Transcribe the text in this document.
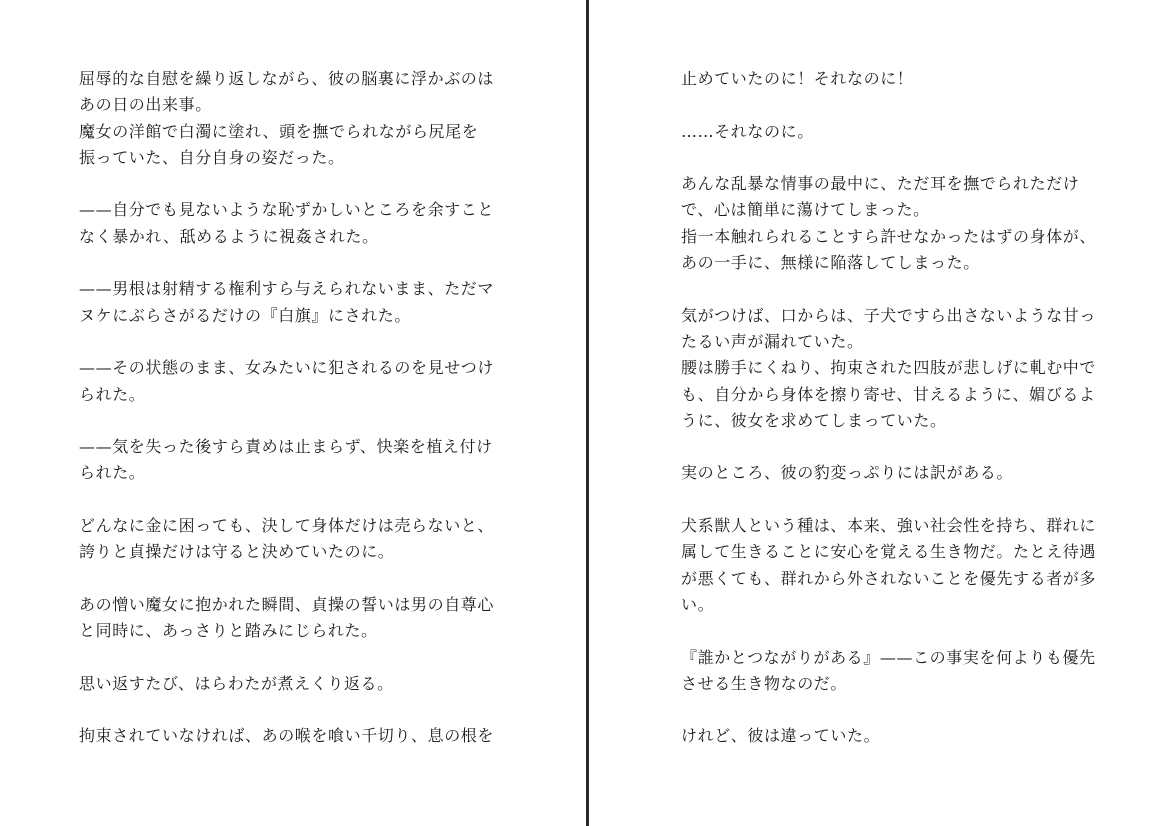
屈辱的な自慰を繰り返しながら、彼の脳裏に浮かぶのは
あの日の出来事。
魔女の洋館で白濁に塗れ、頭を撫でられながら尻尾を
振っていた、自分自身の姿だった。
——自分でも見ないような恥ずかしいところを余すこと
なく暴かれ、舐めるように視姦された。
——男根は射精する権利すら与えられないまま、ただマ
ヌケにぶらさがるだけの『白旗』にされた。
——その状態のまま、女みたいに犯されるのを見せつけ
られた。
——気を失った後すら責めは止まらず、快楽を植え付け
られた。
どんなに金に困っても、決して身体だけは売らないと、
誇りと貞操だけは守ると決めていたのに。
あの憎い魔女に抱かれた瞬間、貞操の誓いは男の自尊心
と同時に、あっさりと踏みにじられた。
思い返すたび、はらわたが煮えくり返る。
拘束されていなければ、あの喉を喰い千切り、息の根を
止めていたのに！それなのに！
……それなのに。
あんな乱暴な情事の最中に、ただ耳を撫でられただけ
で、心は簡単に蕩けてしまった。
指一本触れられることすら許せなかったはずの身体が、
あの一手に、無様に陥落してしまった。
気がつけば、口からは、子犬ですら出さないような甘っ
たるい声が漏れていた。
腰は勝手にくねり、拘束された四肢が悲しげに軋む中で
も、自分から身体を擦り寄せ、甘えるように、媚びるよ
うに、彼女を求めてしまっていた。
実のところ、彼の豹変っぷりには訳がある。
犬系獣人という種は、本来、強い社会性を持ち、群れに
属して生きることに安心を覚える生き物だ。たとえ待遇
が悪くても、群れから外されないことを優先する者が多
い。
『誰かとつながりがある』——この事実を何よりも優先
させる生き物なのだ。
けれど、彼は違っていた。
